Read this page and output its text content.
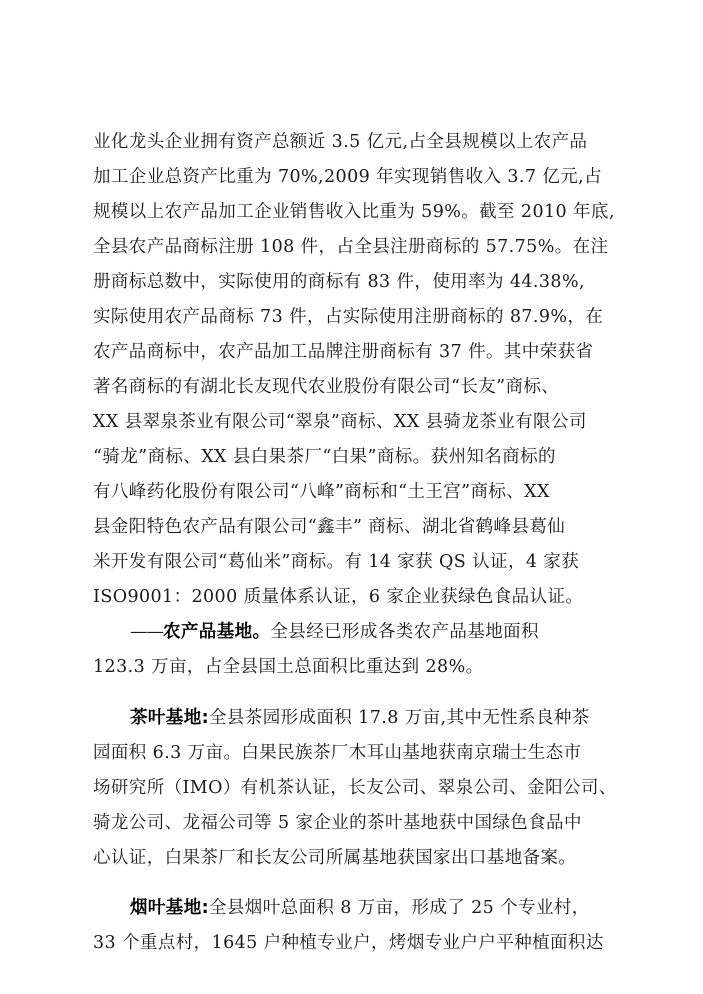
业化龙头企业拥有资产总额近 3.5 亿元,占全县规模以上农产品
加工企业总资产比重为 70%,2009 年实现销售收入 3.7 亿元,占
规模以上农产品加工企业销售收入比重为 59%。截至 2010 年底,
全县农产品商标注册 108 件，占全县注册商标的 57.75%。在注
册商标总数中，实际使用的商标有 83 件，使用率为 44.38%,
实际使用农产品商标 73 件，占实际使用注册商标的 87.9%，在
农产品商标中，农产品加工品牌注册商标有 37 件。其中荣获省
著名商标的有湖北长友现代农业股份有限公司“长友”商标、
XX 县翠泉茶业有限公司“翠泉”商标、XX 县骑龙茶业有限公司
“骑龙”商标、XX 县白果茶厂“白果”商标。获州知名商标的
有八峰药化股份有限公司“八峰”商标和“土王宫”商标、XX
县金阳特色农产品有限公司“鑫丰” 商标、湖北省鹤峰县葛仙
米开发有限公司“葛仙米”商标。有 14 家获 QS 认证，4 家获
ISO9001：2000 质量体系认证，6 家企业获绿色食品认证。
——农产品基地。全县经已形成各类农产品基地面积
123.3 万亩，占全县国土总面积比重达到 28%。
茶叶基地:全县茶园形成面积 17.8 万亩,其中无性系良种茶
园面积 6.3 万亩。白果民族茶厂木耳山基地获南京瑞士生态市
场研究所（IMO）有机茶认证，长友公司、翠泉公司、金阳公司、
骑龙公司、龙福公司等 5 家企业的茶叶基地获中国绿色食品中
心认证，白果茶厂和长友公司所属基地获国家出口基地备案。
烟叶基地:全县烟叶总面积 8 万亩，形成了 25 个专业村，
33 个重点村，1645 户种植专业户，烤烟专业户户平种植面积达
